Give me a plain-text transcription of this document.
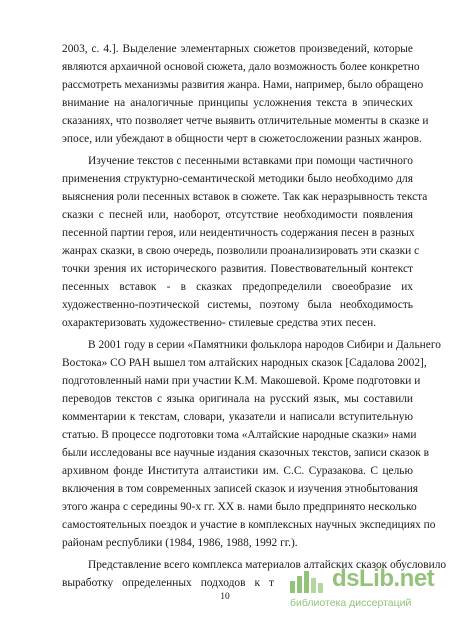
2003, с. 4.]. Выделение элементарных сюжетов произведений, которые
являются архаичной основой сюжета, дало возможность более конкретно
рассмотреть механизмы развития жанра. Нами, например, было обращено
внимание на аналогичные принципы усложнения текста в эпических
сказаниях, что позволяет четче выявить отличительные моменты в сказке и
эпосе, или убеждают в общности черт в сюжетосложении разных жанров.
Изучение текстов с песенными вставками при помощи частичного
применения структурно-семантической методики было необходимо для
выяснения роли песенных вставок в сюжете. Так как неразрывность текста
сказки с песней или, наоборот, отсутствие необходимости появления
песенной партии героя, или неидентичность содержания песен в разных
жанрах сказки, в свою очередь, позволили проанализировать эти сказки с
точки зрения их исторического развития. Повествовательный контекст
песенных вставок - в сказках предопределили своеобразие их
художественно-поэтической системы, поэтому была необходимость
охарактеризовать художественно- стилевые средства этих песен.
В 2001 году в серии «Памятники фольклора народов Сибири и Дальнего
Востока» СО РАН вышел том алтайских народных сказок [Садалова 2002],
подготовленный нами при участии К.М. Макошевой. Кроме подготовки и
переводов текстов с языка оригинала на русский язык, мы составили
комментарии к текстам, словари, указатели и написали вступительную
статью. В процессе подготовки тома «Алтайские народные сказки» нами
были исследованы все научные издания сказочных текстов, записи сказок в
архивном фонде Института алтаистики им. С.С. Суразакова. С целью
включения в том современных записей сказок и изучения этнобытования
этого жанра с середины 90-х гг. XX в. нами было предпринято несколько
самостоятельных поездок и участие в комплексных научных экспедициях по
районам республики (1984, 1986, 1988, 1992 гг.).
Представление всего комплекса материалов алтайских сказок обусловило
выработку определенных подходов к т
10
dsLib.net
библиотека диссертаций
